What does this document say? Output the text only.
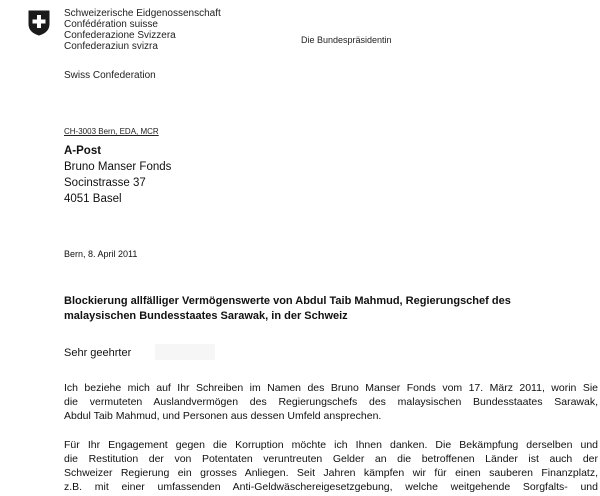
Schweizerische Eidgenossenschaft
Confédération suisse
Confederazione Svizzera
Confederaziun svizra
Swiss Confederation
Die Bundespräsidentin
CH-3003 Bern, EDA, MCR
A-Post
Bruno Manser Fonds
Socinstrasse 37
4051 Basel
Bern, 8. April 2011
Blockierung allfälliger Vermögenswerte von Abdul Taib Mahmud, Regierungschef des
malaysischen Bundesstaates Sarawak, in der Schweiz
Sehr geehrter
Ich beziehe mich auf Ihr Schreiben im Namen des Bruno Manser Fonds vom 17. März 2011, worin Sie
die vermuteten Auslandvermögen des Regierungschefs des malaysischen Bundesstaates Sarawak,
Abdul Taib Mahmud, und Personen aus dessen Umfeld ansprechen.
Für Ihr Engagement gegen die Korruption möchte ich Ihnen danken. Die Bekämpfung derselben und
die Restitution der von Potentaten veruntreuten Gelder an die betroffenen Länder ist auch der
Schweizer Regierung ein grosses Anliegen. Seit Jahren kämpfen wir für einen sauberen Finanzplatz,
z.B. mit einer umfassenden Anti-Geldwäschereigesetzgebung, welche weitgehende Sorgfalts- und
